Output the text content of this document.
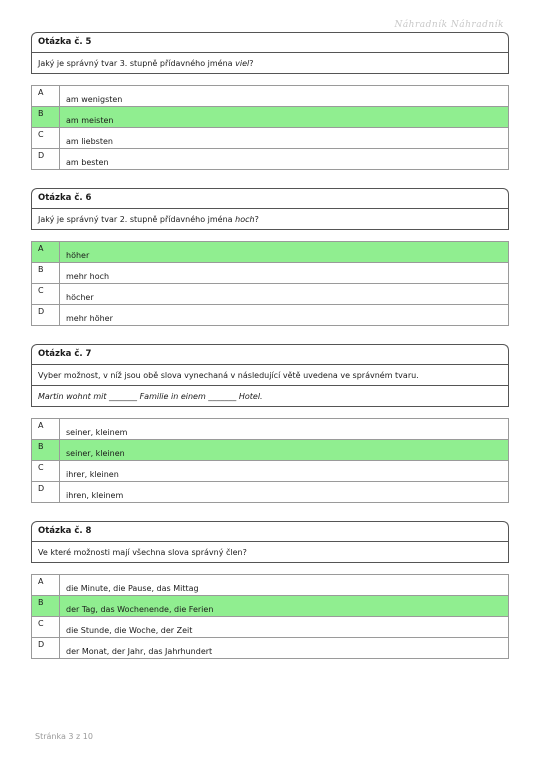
Náhradník Náhradník
Otázka č. 5
Jaký je správný tvar 3. stupně přídavného jména viel?
A
am wenigsten
B
am meisten
C
am liebsten
D
am besten
Otázka č. 6
Jaký je správný tvar 2. stupně přídavného jména hoch?
A
höher
B
mehr hoch
C
höcher
D
mehr höher
Otázka č. 7
Vyber možnost, v níž jsou obě slova vynechaná v následující větě uvedena ve správném tvaru.
Martin wohnt mit _______ Familie in einem _______ Hotel.
A
seiner, kleinem
B
seiner, kleinen
C
ihrer, kleinen
D
ihren, kleinem
Otázka č. 8
Ve které možnosti mají všechna slova správný člen?
A
die Minute, die Pause, das Mittag
B
der Tag, das Wochenende, die Ferien
C
die Stunde, die Woche, der Zeit
D
der Monat, der Jahr, das Jahrhundert
Stránka 3 z 10
